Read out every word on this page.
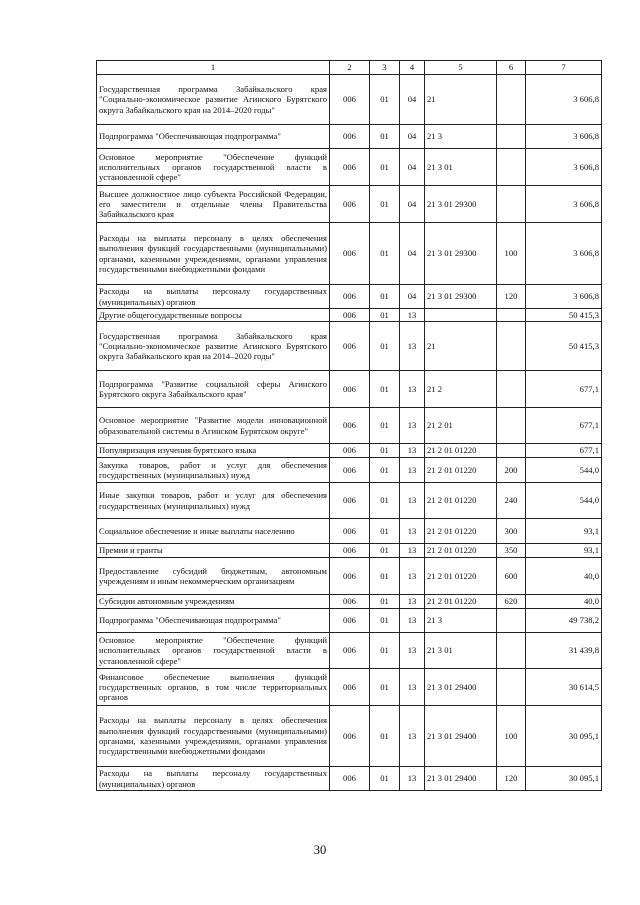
1	2	3	4	5	6	7
Государственная программа Забайкальского края "Социально-экономическое развитие Агинского Бурятского округа Забайкальского края на 2014–2020 годы"	006	01	04	21		3 606,8
Подпрограмма "Обеспечивающая подпрограмма"	006	01	04	21 3		3 606,8
Основное мероприятие "Обеспечение функций исполнительных органов государственной власти в установленной сфере"	006	01	04	21 3 01		3 606,8
Высшее должностное лицо субъекта Российской Федерации, его заместители и отдельные члены Правительства Забайкальского края	006	01	04	21 3 01 29300		3 606,8
Расходы на выплаты персоналу в целях обеспечения выполнения функций государственными (муниципальными) органами, казенными учреждениями, органами управления государственными внебюджетными фондами	006	01	04	21 3 01 29300	100	3 606,8
Расходы на выплаты персоналу государственных (муниципальных) органов	006	01	04	21 3 01 29300	120	3 606,8
Другие общегосударственные вопросы	006	01	13			50 415,3
Государственная программа Забайкальского края "Социально-экономическое развитие Агинского Бурятского округа Забайкальского края на 2014–2020 годы"	006	01	13	21		50 415,3
Подпрограмма "Развитие социальной сферы Агинского Бурятского округа Забайкальского края"	006	01	13	21 2		677,1
Основное мероприятие "Развитие модели инновационной образовательной системы в Агинском Бурятском округе"	006	01	13	21 2 01		677,1
Популяризация изучения бурятского языка	006	01	13	21 2 01 01220		677,1
Закупка товаров, работ и услуг для обеспечения государственных (муниципальных) нужд	006	01	13	21 2 01 01220	200	544,0
Иные закупки товаров, работ и услуг для обеспечения государственных (муниципальных) нужд	006	01	13	21 2 01 01220	240	544,0
Социальное обеспечение и иные выплаты населению	006	01	13	21 2 01 01220	300	93,1
Премии и гранты	006	01	13	21 2 01 01220	350	93,1
Предоставление субсидий бюджетным, автономным учреждениям и иным некоммерческим организациям	006	01	13	21 2 01 01220	600	40,0
Субсидии автономным учреждениям	006	01	13	21 2 01 01220	620	40,0
Подпрограмма "Обеспечивающая подпрограмма"	006	01	13	21 3		49 738,2
Основное мероприятие "Обеспечение функций исполнительных органов государственной власти в установленной сфере"	006	01	13	21 3 01		31 439,8
Финансовое обеспечение выполнения функций государственных органов, в том числе территориальных органов	006	01	13	21 3 01 29400		30 614,5
Расходы на выплаты персоналу в целях обеспечения выполнения функций государственными (муниципальными) органами, казенными учреждениями, органами управления государственными внебюджетными фондами	006	01	13	21 3 01 29400	100	30 095,1
Расходы на выплаты персоналу государственных (муниципальных) органов	006	01	13	21 3 01 29400	120	30 095,1
30
